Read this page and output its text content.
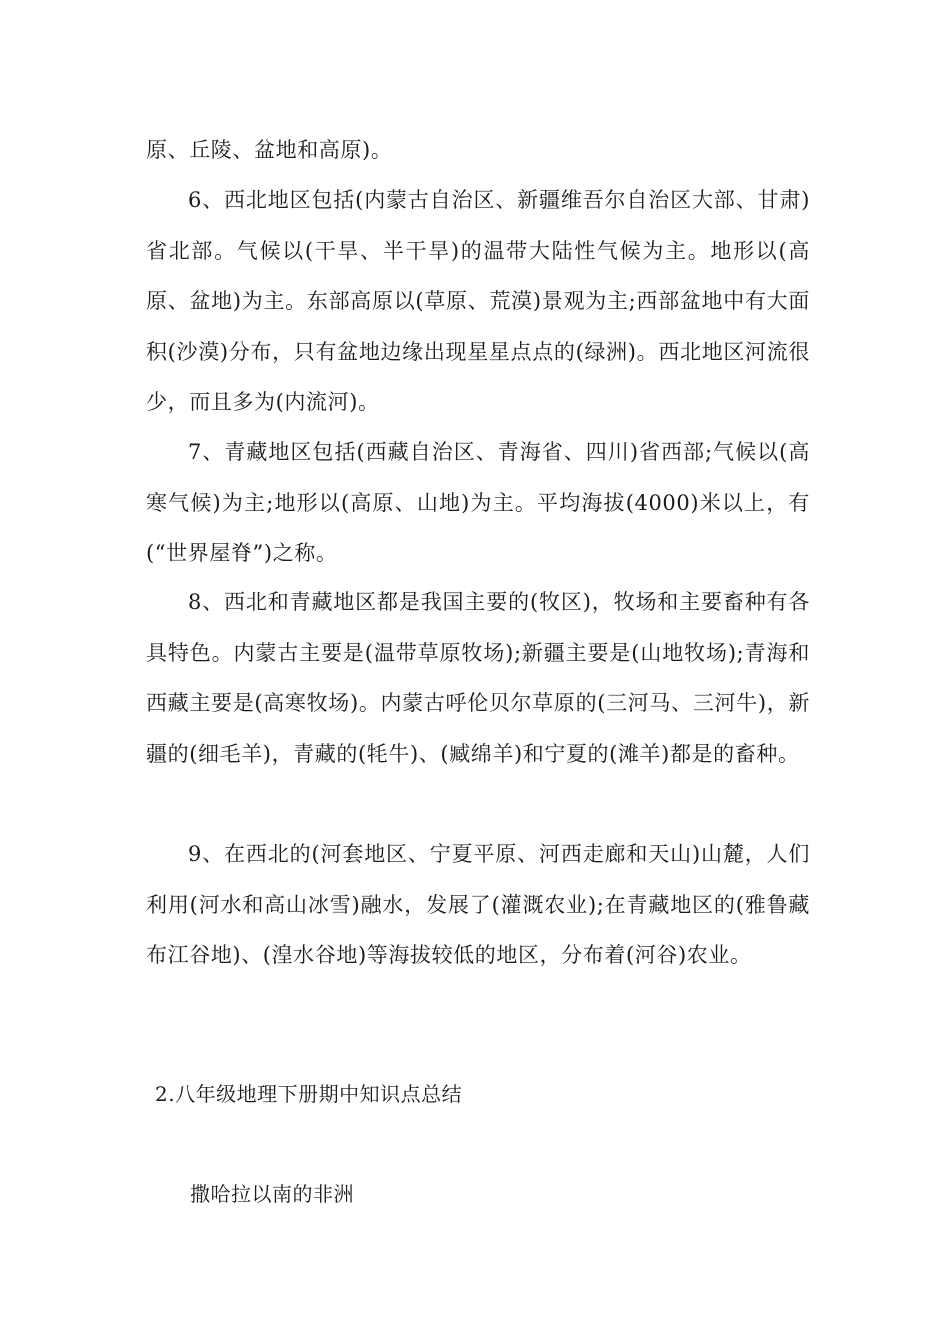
原、丘陵、盆地和高原)。

6、西北地区包括(内蒙古自治区、新疆维吾尔自治区大部、甘肃)省北部。气候以(干旱、半干旱)的温带大陆性气候为主。地形以(高原、盆地)为主。东部高原以(草原、荒漠)景观为主;西部盆地中有大面积(沙漠)分布，只有盆地边缘出现星星点点的(绿洲)。西北地区河流很少，而且多为(内流河)。

7、青藏地区包括(西藏自治区、青海省、四川)省西部;气候以(高寒气候)为主;地形以(高原、山地)为主。平均海拔(4000)米以上，有(“世界屋脊”)之称。

8、西北和青藏地区都是我国主要的(牧区)，牧场和主要畜种有各具特色。内蒙古主要是(温带草原牧场);新疆主要是(山地牧场);青海和西藏主要是(高寒牧场)。内蒙古呼伦贝尔草原的(三河马、三河牛)，新疆的(细毛羊)，青藏的(牦牛)、(臧绵羊)和宁夏的(滩羊)都是的畜种。

9、在西北的(河套地区、宁夏平原、河西走廊和天山)山麓，人们利用(河水和高山冰雪)融水，发展了(灌溉农业);在青藏地区的(雅鲁藏布江谷地)、(湟水谷地)等海拔较低的地区，分布着(河谷)农业。

2.八年级地理下册期中知识点总结

撒哈拉以南的非洲
